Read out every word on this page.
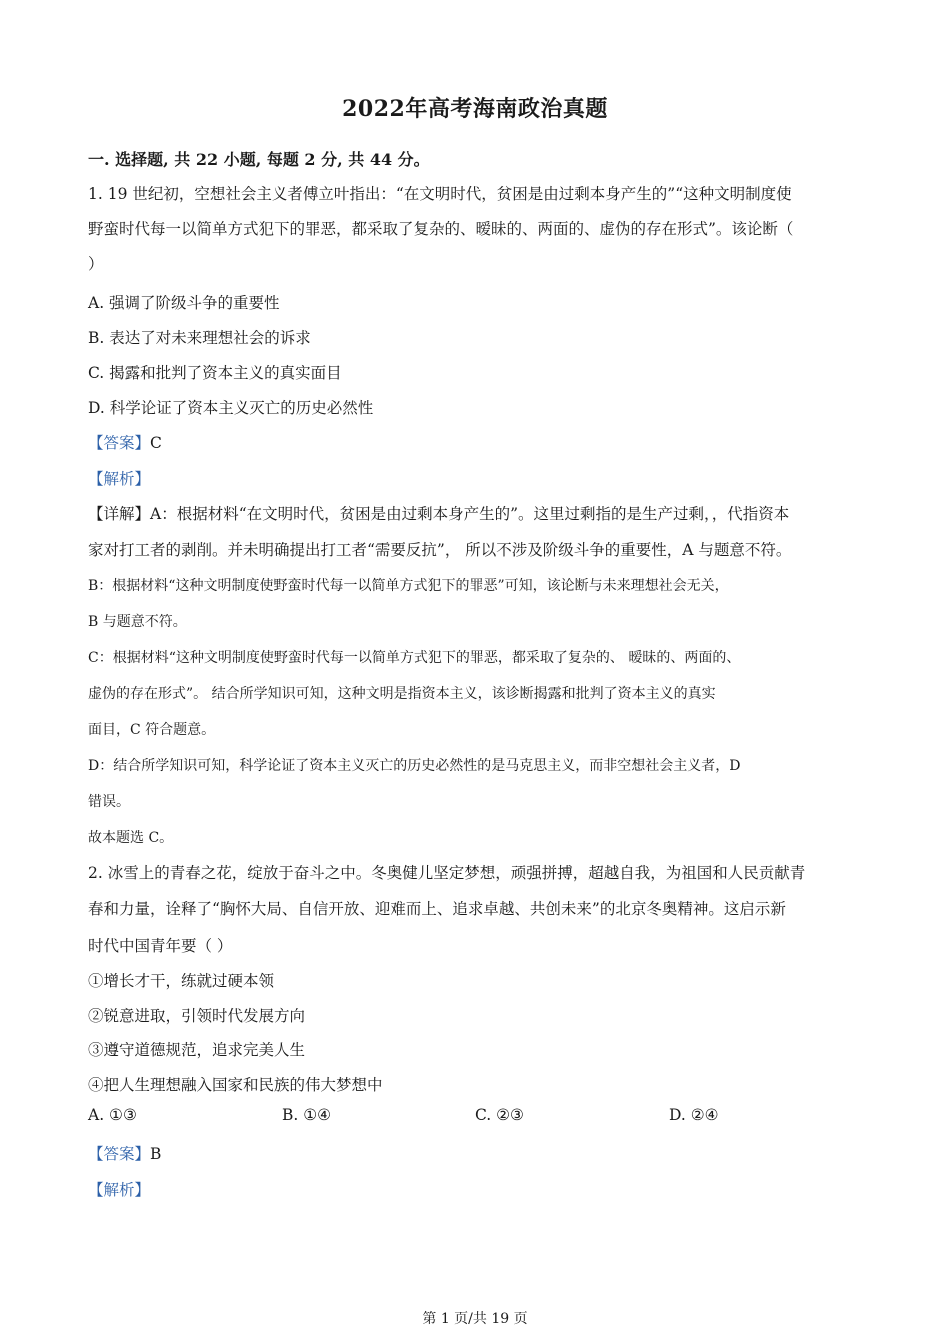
2022年高考海南政治真题
一. 选择题, 共 22 小题, 每题 2 分, 共 44 分。
1. 19 世纪初，空想社会主义者傅立叶指出：“在文明时代，贫困是由过剩本身产生的”“这种文明制度使
野蛮时代每一以简单方式犯下的罪恶，都采取了复杂的、暧昧的、两面的、虚伪的存在形式”。该论断（
）
A. 强调了阶级斗争的重要性
B. 表达了对未来理想社会的诉求
C. 揭露和批判了资本主义的真实面目
D. 科学论证了资本主义灭亡的历史必然性
【答案】C
【解析】
【详解】A：根据材料“在文明时代，贫困是由过剩本身产生的”。这里过剩指的是生产过剩，，代指资本
家对打工者的剥削。并未明确提出打工者“需要反抗”， 所以不涉及阶级斗争的重要性，A 与题意不符。
B：根据材料“这种文明制度使野蛮时代每一以简单方式犯下的罪恶”可知，该论断与未来理想社会无关，
B 与题意不符。
C：根据材料“这种文明制度使野蛮时代每一以简单方式犯下的罪恶，都采取了复杂的、 暧昧的、两面的、
虚伪的存在形式”。 结合所学知识可知，这种文明是指资本主义，该诊断揭露和批判了资本主义的真实
面目，C 符合题意。
D：结合所学知识可知，科学论证了资本主义灭亡的历史必然性的是马克思主义，而非空想社会主义者，D
错误。
故本题选 C。
2. 冰雪上的青春之花，绽放于奋斗之中。冬奥健儿坚定梦想，顽强拼搏，超越自我，为祖国和人民贡献青
春和力量，诠释了“胸怀大局、自信开放、迎难而上、追求卓越、共创未来”的北京冬奥精神。这启示新
时代中国青年要（ ）
①增长才干，练就过硬本领
②锐意进取，引领时代发展方向
③遵守道德规范，追求完美人生
④把人生理想融入国家和民族的伟大梦想中
A. ①③	B. ①④	C. ②③	D. ②④
【答案】B
【解析】
第 1 页/共 19 页
